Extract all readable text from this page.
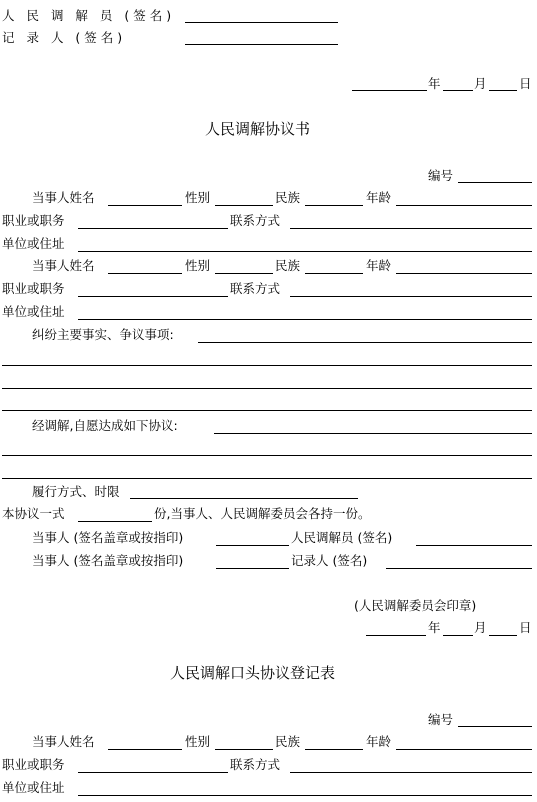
人 民 调 解 员 (签名)
记 录 人 (签名)
年	月	日
人民调解协议书
编号
当事人姓名	性别	民族	年龄
职业或职务	联系方式
单位或住址
当事人姓名	性别	民族	年龄
职业或职务	联系方式
单位或住址
纠纷主要事实、争议事项:
经调解,自愿达成如下协议:
履行方式、时限
本协议一式	份,当事人、人民调解委员会各持一份。
当事人 (签名盖章或按指印)	人民调解员 (签名)
当事人 (签名盖章或按指印)	记录人 (签名)
(人民调解委员会印章)
年	月	日
人民调解口头协议登记表
编号
当事人姓名	性别	民族	年龄
职业或职务	联系方式
单位或住址
